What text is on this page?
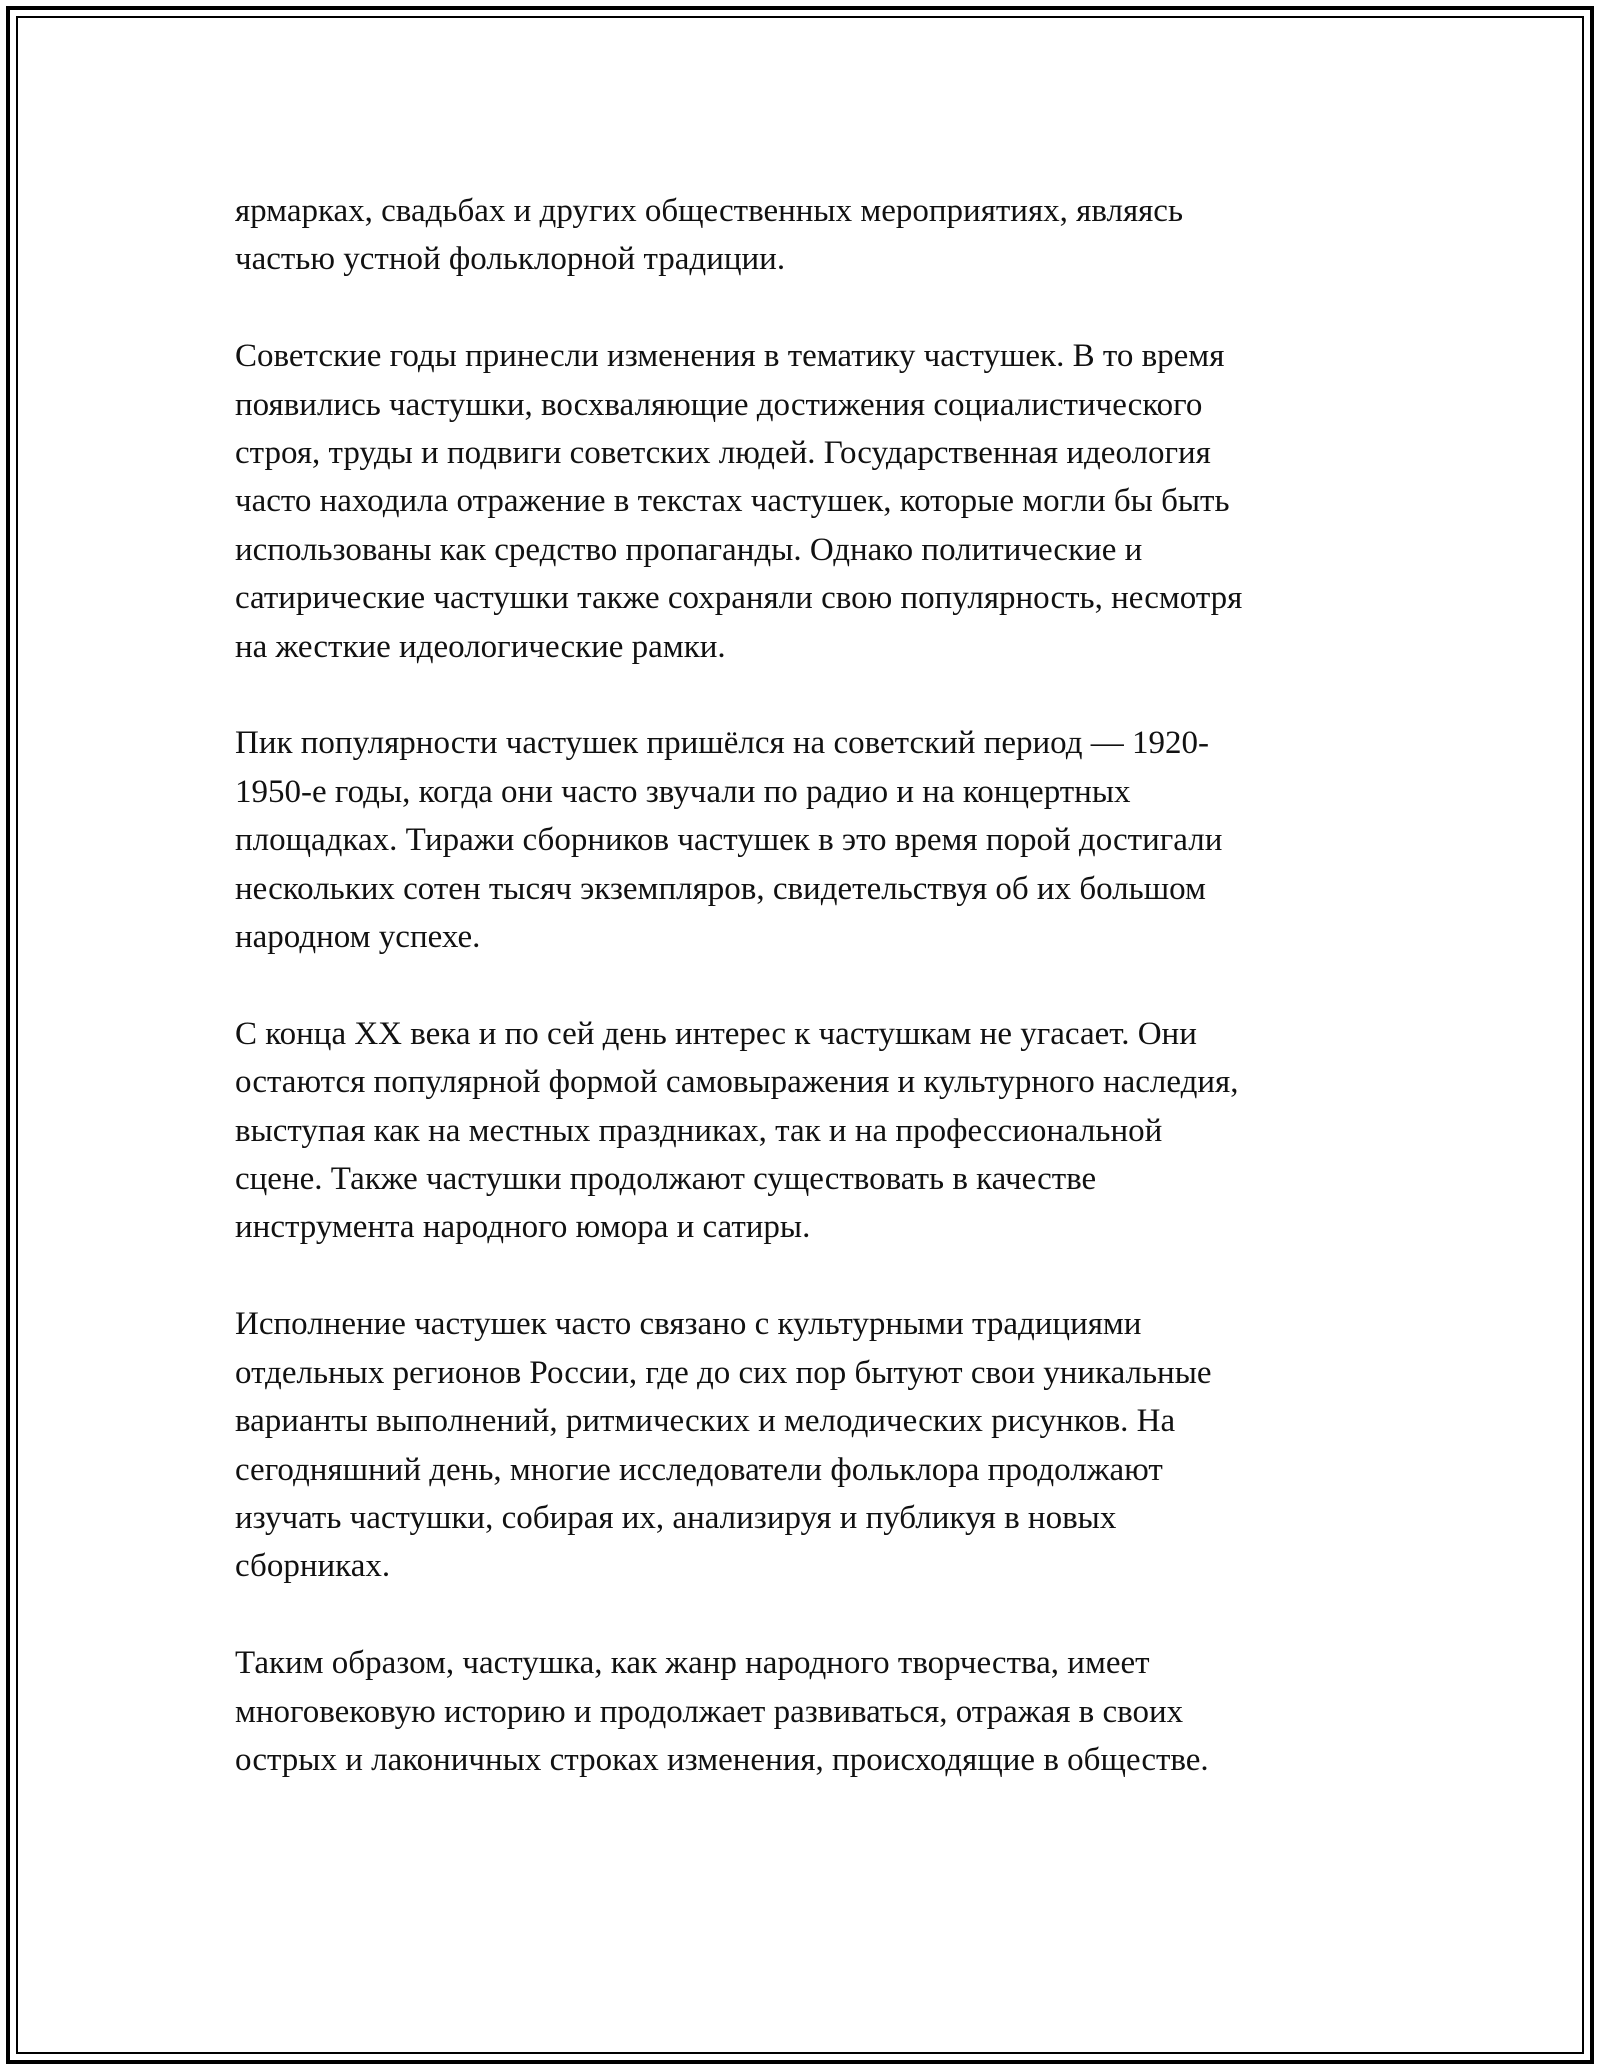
ярмарках, свадьбах и других общественных мероприятиях, являясь
частью устной фольклорной традиции.

Советские годы принесли изменения в тематику частушек. В то время
появились частушки, восхваляющие достижения социалистического
строя, труды и подвиги советских людей. Государственная идеология
часто находила отражение в текстах частушек, которые могли бы быть
использованы как средство пропаганды. Однако политические и
сатирические частушки также сохраняли свою популярность, несмотря
на жесткие идеологические рамки.

Пик популярности частушек пришёлся на советский период — 1920-
1950-е годы, когда они часто звучали по радио и на концертных
площадках. Тиражи сборников частушек в это время порой достигали
нескольких сотен тысяч экземпляров, свидетельствуя об их большом
народном успехе.

С конца XX века и по сей день интерес к частушкам не угасает. Они
остаются популярной формой самовыражения и культурного наследия,
выступая как на местных праздниках, так и на профессиональной
сцене. Также частушки продолжают существовать в качестве
инструмента народного юмора и сатиры.

Исполнение частушек часто связано с культурными традициями
отдельных регионов России, где до сих пор бытуют свои уникальные
варианты выполнений, ритмических и мелодических рисунков. На
сегодняшний день, многие исследователи фольклора продолжают
изучать частушки, собирая их, анализируя и публикуя в новых
сборниках.

Таким образом, частушка, как жанр народного творчества, имеет
многовековую историю и продолжает развиваться, отражая в своих
острых и лаконичных строках изменения, происходящие в обществе.
